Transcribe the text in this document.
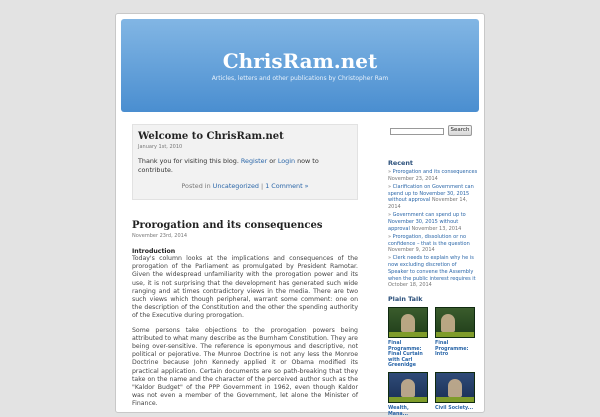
ChrisRam.net
Articles, letters and other publications by Christopher Ram
Welcome to ChrisRam.net
January 1st, 2010
Thank you for visiting this blog. Register or Login now to contribute.
Posted in Uncategorized | 1 Comment »
Prorogation and its consequences
November 23rd, 2014
Introduction
Today's column looks at the implications and consequences of the prorogation of the Parliament as promulgated by President Ramotar. Given the widespread unfamiliarity with the prorogation power and its use, it is not surprising that the development has generated such wide ranging and at times contradictory views in the media. There are two such views which though peripheral, warrant some comment: one on the description of the Constitution and the other the spending authority of the Executive during prorogation.
Some persons take objections to the prorogation powers being attributed to what many describe as the Burnham Constitution. They are being over-sensitive. The reference is eponymous and descriptive, not political or pejorative. The Munroe Doctrine is not any less the Monroe Doctrine because John Kennedy applied it or Obama modified its practical application. Certain documents are so path-breaking that they take on the name and the character of the perceived author such as the "Kaldor Budget" of the PPP Government in 1962, even though Kaldor was not even a member of the Government, let alone the Minister of Finance.
Search
Recent
» Prorogation and its consequences November 23, 2014
» Clarification on Government can spend up to November 30, 2015 without approval November 14, 2014
» Government can spend up to November 30, 2015 without approval November 13, 2014
» Prorogation, dissolution or no confidence – that is the question November 9, 2014
» Clerk needs to explain why he is now excluding discretion of Speaker to convene the Assembly when the public interest requires it October 18, 2014
Plain Talk
Final Programme: Final Curtain with Carl Greenidge
Final Programme: Intro
Wealth, Mana...
Civil Society...
